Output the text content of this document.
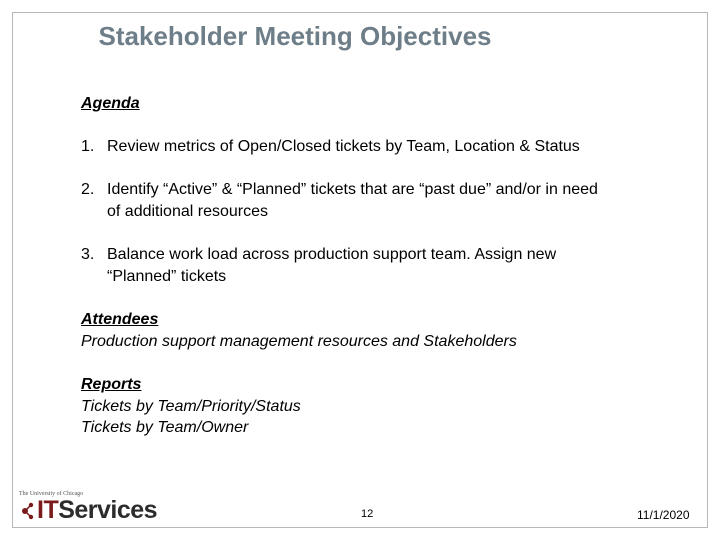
Stakeholder Meeting Objectives
Agenda
1. Review metrics of Open/Closed tickets by Team, Location & Status
2. Identify “Active” & “Planned” tickets that are “past due” and/or in need
of additional resources
3. Balance work load across production support team. Assign new
“Planned” tickets
Attendees
Production support management resources and Stakeholders
Reports
Tickets by Team/Priority/Status
Tickets by Team/Owner
The University of Chicago
ITServices	12	11/1/2020
